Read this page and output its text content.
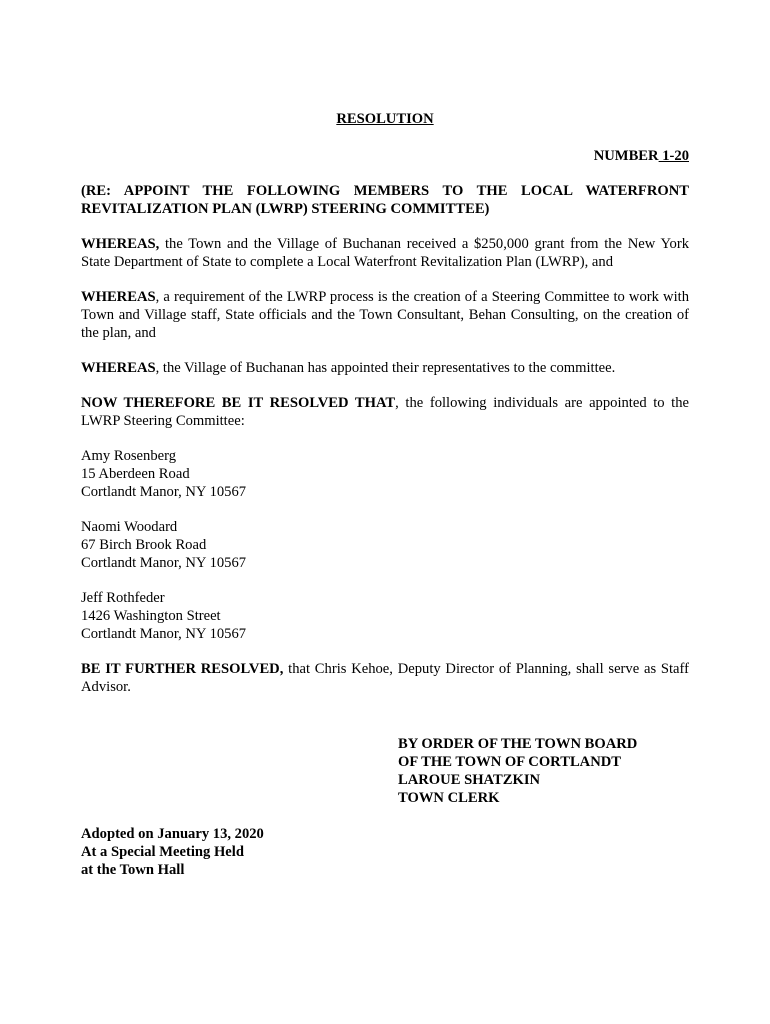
RESOLUTION
NUMBER 1-20
(RE: APPOINT THE FOLLOWING MEMBERS TO THE LOCAL WATERFRONT REVITALIZATION PLAN (LWRP) STEERING COMMITTEE)
WHEREAS, the Town and the Village of Buchanan received a $250,000 grant from the New York State Department of State to complete a Local Waterfront Revitalization Plan (LWRP), and
WHEREAS, a requirement of the LWRP process is the creation of a Steering Committee to work with Town and Village staff, State officials and the Town Consultant, Behan Consulting, on the creation of the plan, and
WHEREAS, the Village of Buchanan has appointed their representatives to the committee.
NOW THEREFORE BE IT RESOLVED THAT, the following individuals are appointed to the LWRP Steering Committee:
Amy Rosenberg
15 Aberdeen Road
Cortlandt Manor, NY 10567
Naomi Woodard
67 Birch Brook Road
Cortlandt Manor, NY 10567
Jeff Rothfeder
1426 Washington Street
Cortlandt Manor, NY 10567
BE IT FURTHER RESOLVED, that Chris Kehoe, Deputy Director of Planning, shall serve as Staff Advisor.
BY ORDER OF THE TOWN BOARD
OF THE TOWN OF CORTLANDT
LAROUE SHATZKIN
TOWN CLERK
Adopted on January 13, 2020
At a Special Meeting Held
at the Town Hall
